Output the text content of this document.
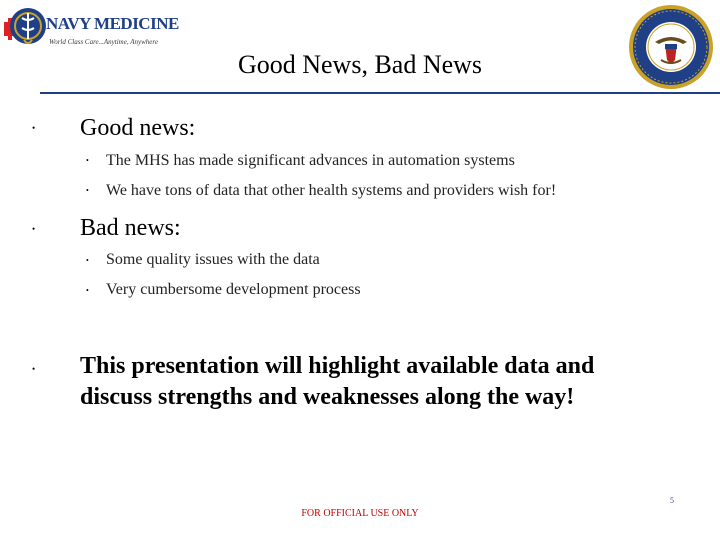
NAVY MEDICINE
World Class Care...Anytime, Anywhere
Good News, Bad News
• Good news:
• The MHS has made significant advances in automation systems
• We have tons of data that other health systems and providers wish for!
• Bad news:
• Some quality issues with the data
• Very cumbersome development process
• This presentation will highlight available data and
discuss strengths and weaknesses along the way!
5
FOR OFFICIAL USE ONLY
